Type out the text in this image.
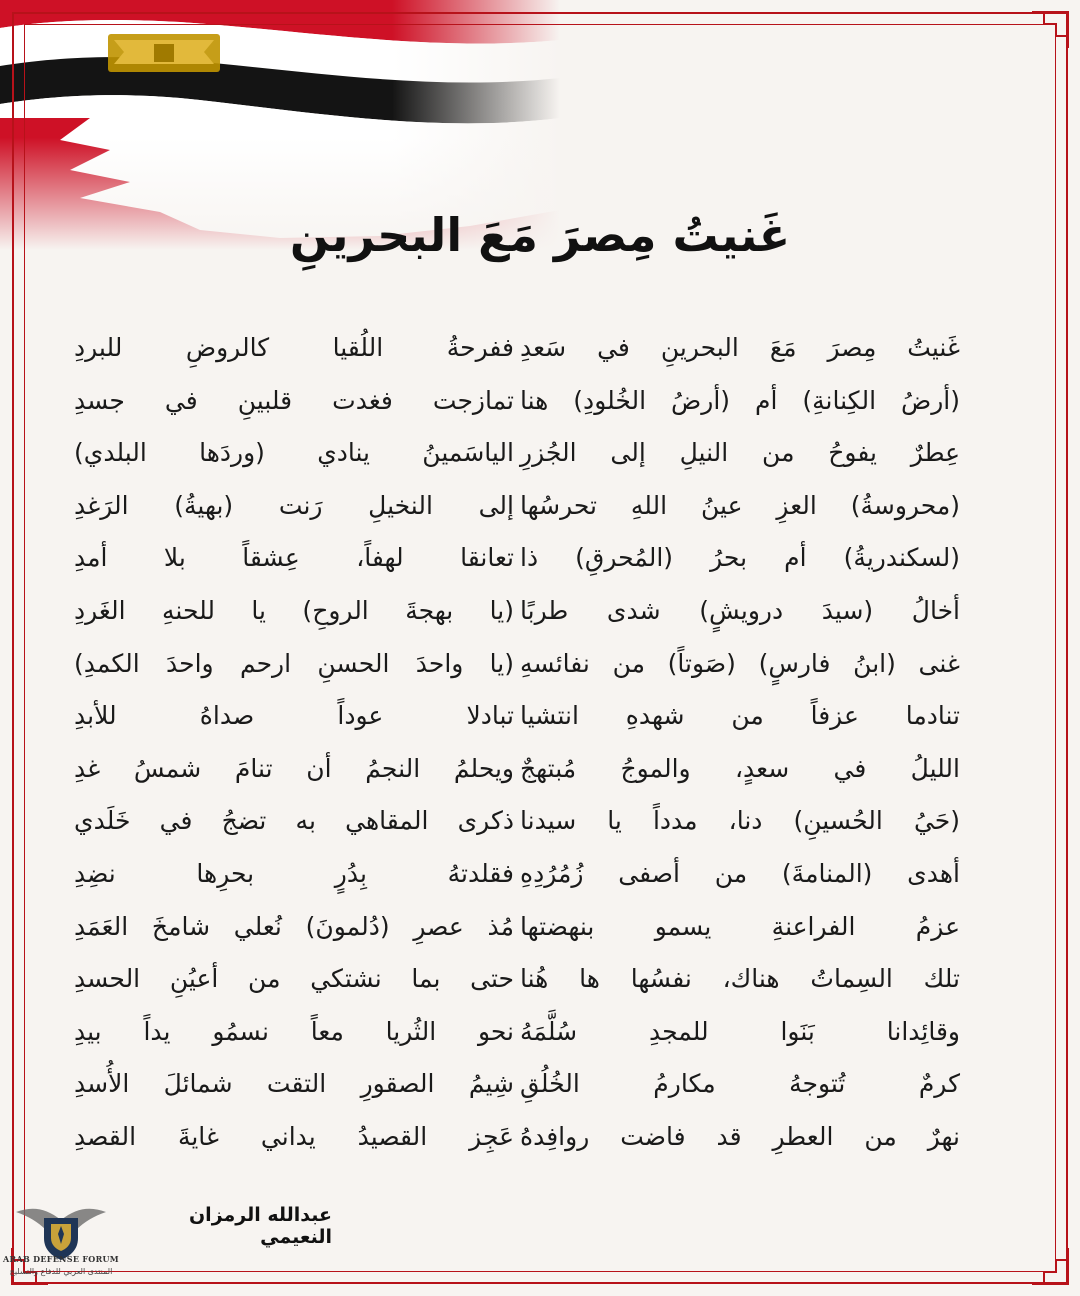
غَنيتُ مِصرَ مَعَ البحرينِ
غَنيتُ مِصرَ مَعَ البحرينِ في سَعدِ
(أرضُ الكِنانةِ) أم (أرضُ الخُلودِ) هنا
عِطرٌ يفوحُ من النيلِ إلى الجُزرِ
(محروسةُ) العزِ عينُ اللهِ تحرسُها
(لسكندريةُ) أم بحرُ (المُحرقِ) ذا
أخالُ (سيدَ درويشٍ) شدى طربًا
غنى (ابنُ فارسٍ) (صَوتاً) من نفائسهِ
تنادما عزفاً من شهدهِ انتشيا
الليلُ في سعدٍ، والموجُ مُبتهجٌ
(حَيُ الحُسينِ) دنا، مدداً يا سيدنا
أهدى (المنامةَ) من أصفى زُمُرُدِهِ
عزمُ الفراعنةِ يسمو بنهضتها
تلك السِماتُ هناك، نفسُها ها هُنا
وقائِدانا بَنَوا للمجدِ سُلَّمَهُ
كرمٌ تُتوجهُ مكارمُ الخُلُقِ
نهرٌ من العطرِ قد فاضت روافِدهُ
ففرحةُ اللُقيا كالروضِ للبردِ
تمازجت فغدت قلبينِ في جسدِ
الياسَمينُ ينادي (وردَها البلدي)
إلى النخيلِ رَنت (بهيةُ) الرَغدِ
تعانقا لهفاً، عِشقاً بلا أمدِ
(يا بهجةَ الروحِ) يا للحنهِ الغَردِ
(يا واحدَ الحسنِ ارحم واحدَ الكمدِ)
تبادلا عوداً صداهُ للأبدِ
ويحلمُ النجمُ أن تنامَ شمسُ غدِ
ذكرى المقاهي به تضجُ في خَلَدي
فقلدتهُ بِدُرٍ بحرِها نضِدِ
مُذ عصرِ (دُلمونَ) نُعلي شامخَ العَمَدِ
حتى بما نشتكي من أعيُنِ الحسدِ
نحو الثُريا معاً نسمُو يداً بيدِ
شِيمُ الصقورِ التقت شمائلَ الأُسدِ
عَجِز القصيدُ يداني غايةَ القصدِ
عبدالله الرمزان النعيمي
ARAB DEFENSE FORUM
المنتدى العربي للدفاع والتسليح
